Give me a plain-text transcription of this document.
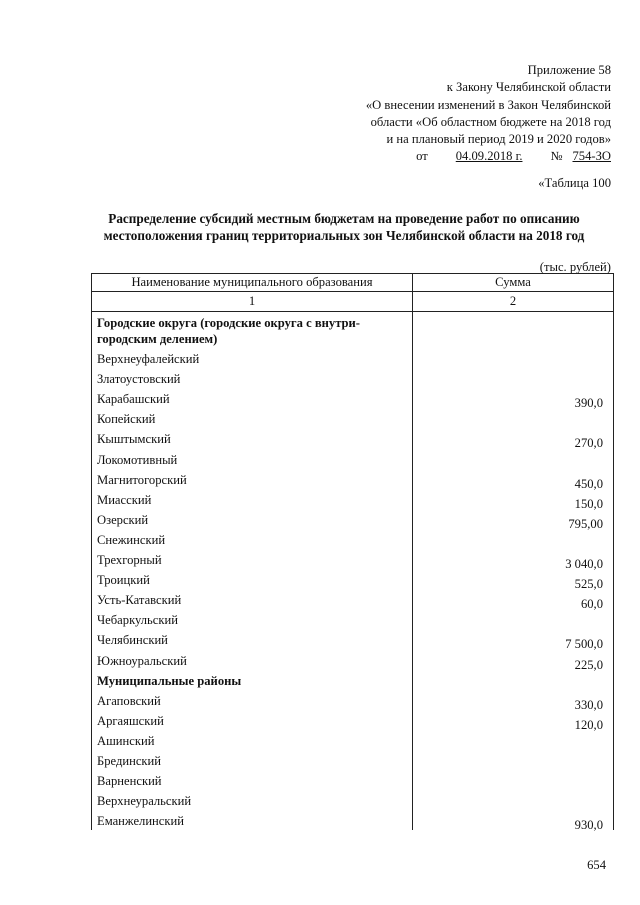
Приложение 58
к Закону Челябинской области
«О внесении изменений в Закон Челябинской
области «Об областном бюджете на 2018 год
и на плановый период 2019 и 2020 годов»
от 04.09.2018 г.	№ 754-ЗО
«Таблица 100
Распределение субсидий местным бюджетам на проведение работ по описанию
местоположения границ территориальных зон Челябинской области на 2018 год
(тыс. рублей)
Наименование муниципального образования	Сумма
1	2
Городские округа (городские округа с внутри-городским делением)
Верхнеуфалейский
Златоустовский
Карабашский	390,0
Копейский
Кыштымский	270,0
Локомотивный
Магнитогорский	450,0
Миасский	150,0
Озерский	795,00
Снежинский
Трехгорный	3 040,0
Троицкий	525,0
Усть-Катавский	60,0
Чебаркульский
Челябинский	7 500,0
Южноуральский	225,0
Муниципальные районы
Агаповский	330,0
Аргаяшский	120,0
Ашинский
Брединский
Варненский
Верхнеуральский
Еманжелинский	930,0
654
